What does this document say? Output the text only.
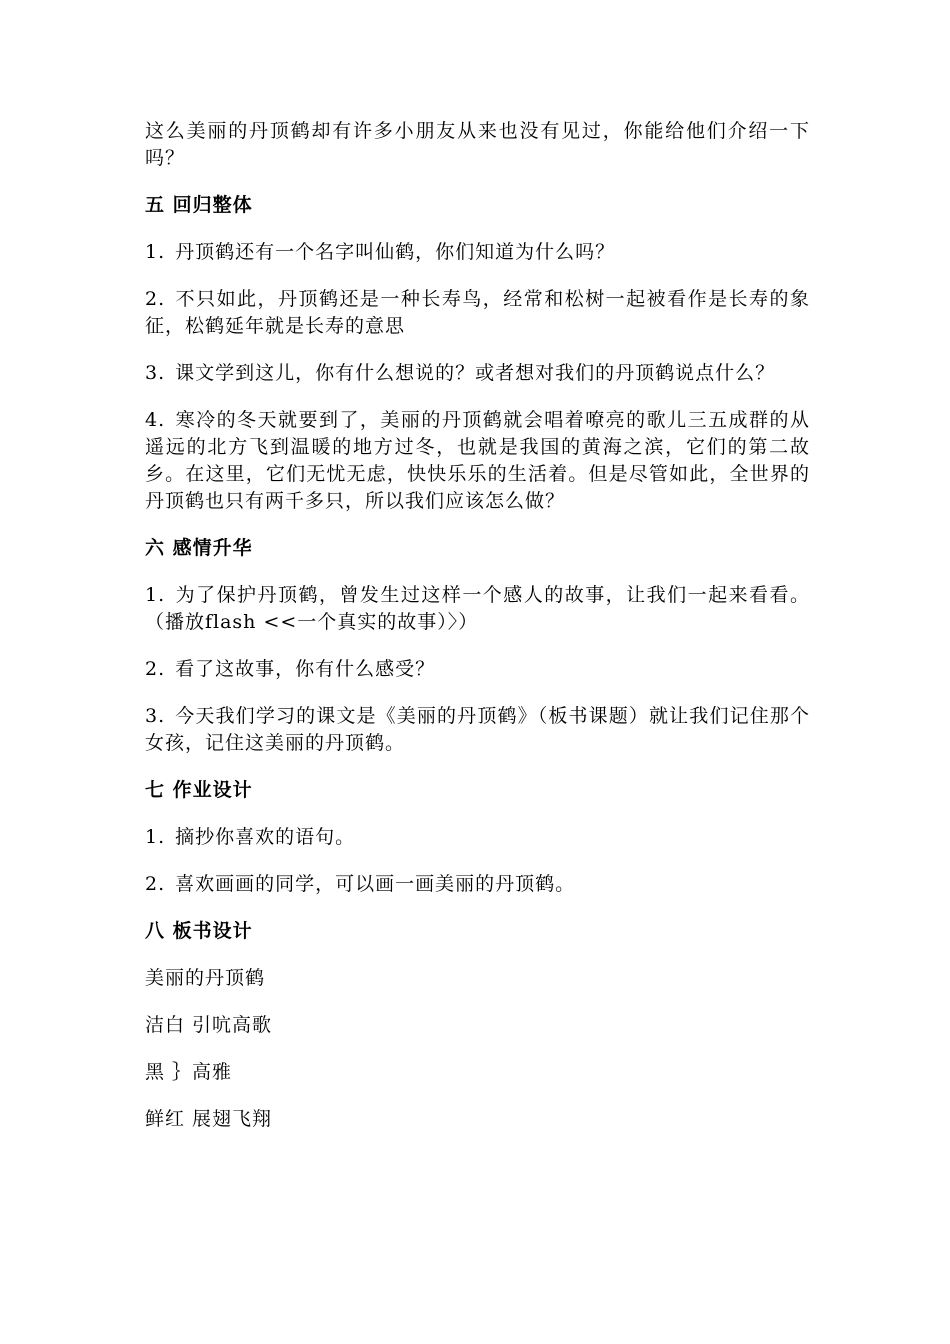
这么美丽的丹顶鹤却有许多小朋友从来也没有见过，你能给他们介绍一下吗？

五 回归整体

1. 丹顶鹤还有一个名字叫仙鹤，你们知道为什么吗？

2. 不只如此，丹顶鹤还是一种长寿鸟，经常和松树一起被看作是长寿的象征，松鹤延年就是长寿的意思

3. 课文学到这儿，你有什么想说的？或者想对我们的丹顶鹤说点什么？

4. 寒冷的冬天就要到了，美丽的丹顶鹤就会唱着嘹亮的歌儿三五成群的从遥远的北方飞到温暖的地方过冬，也就是我国的黄海之滨，它们的第二故乡。在这里，它们无忧无虑，快快乐乐的生活着。但是尽管如此，全世界的丹顶鹤也只有两千多只，所以我们应该怎么做？

六 感情升华

1. 为了保护丹顶鹤，曾发生过这样一个感人的故事，让我们一起来看看。（播放flash <<一个真实的故事）〉）

2. 看了这故事，你有什么感受？

3. 今天我们学习的课文是《美丽的丹顶鹤》（板书课题）就让我们记住那个女孩，记住这美丽的丹顶鹤。

七 作业设计

1. 摘抄你喜欢的语句。

2. 喜欢画画的同学，可以画一画美丽的丹顶鹤。

八 板书设计

美丽的丹顶鹤

洁白 引吭高歌

黑 ｝高雅

鲜红 展翅飞翔
